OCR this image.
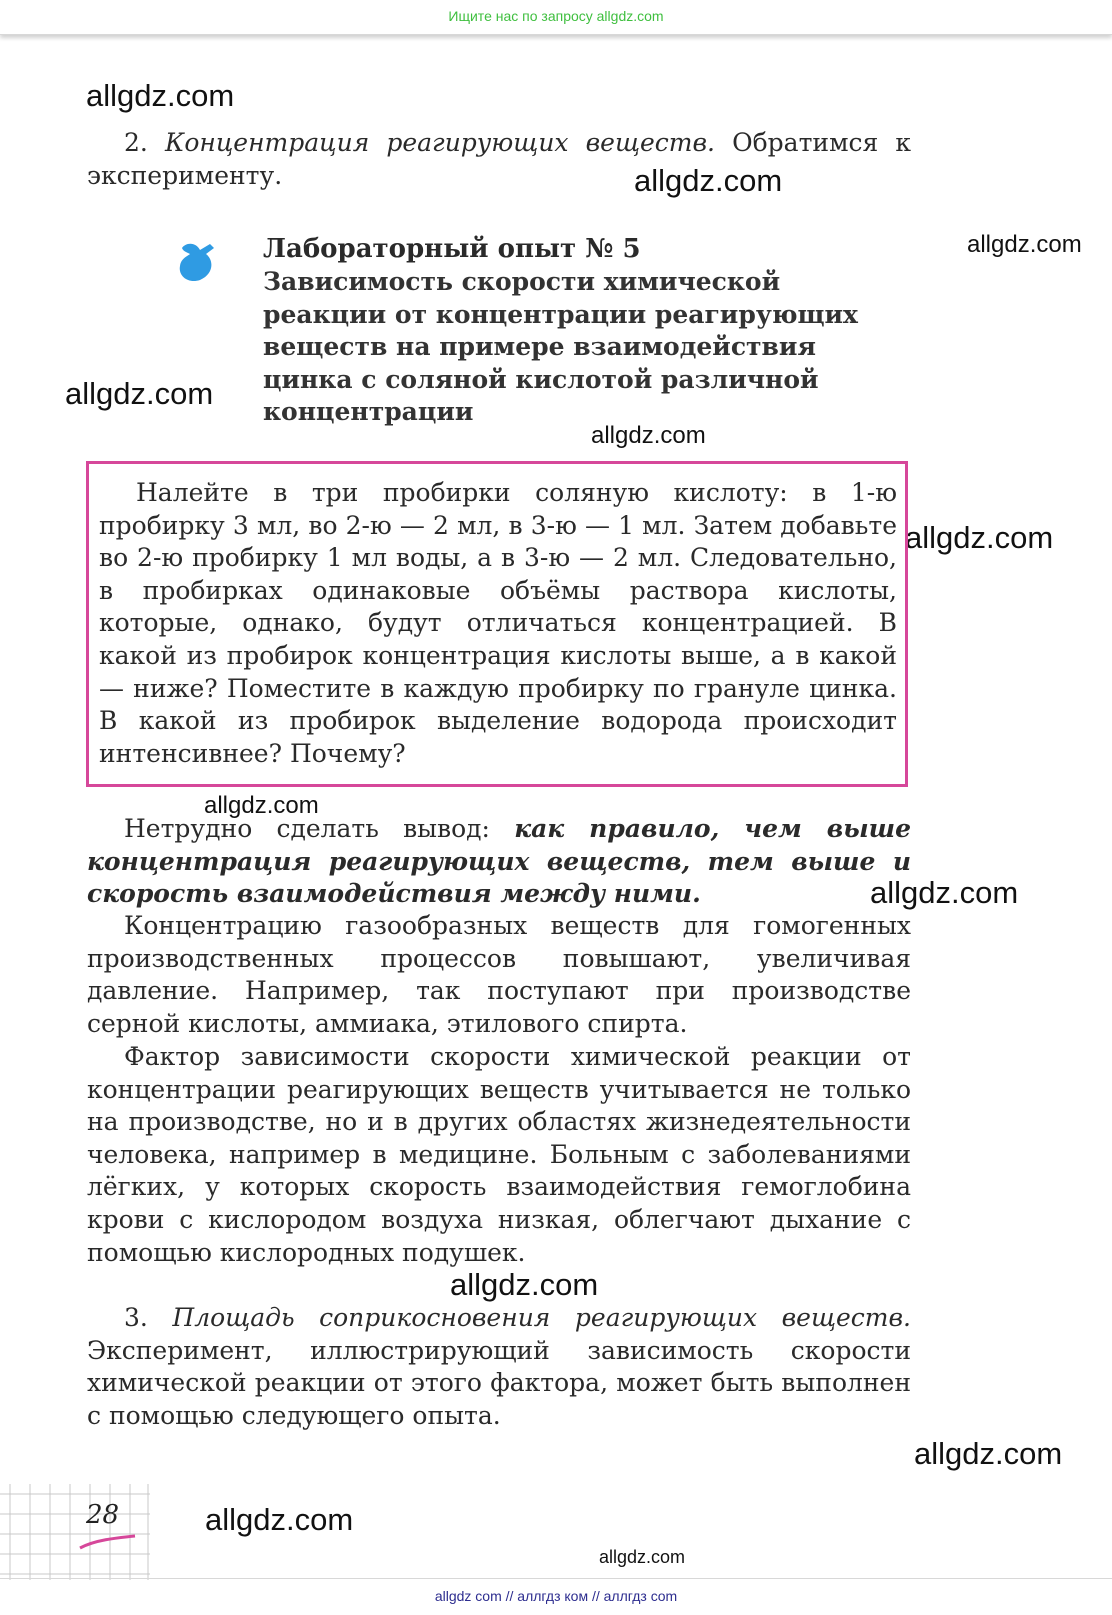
Ищите нас по запросу allgdz.com
allgdz.com
allgdz.com
allgdz.com
allgdz.com
allgdz.com
allgdz.com
allgdz.com
allgdz.com
allgdz.com
allgdz.com
allgdz.com
allgdz.com

2. Концентрация реагирующих веществ. Обратимся к эксперименту.

Лабораторный опыт № 5
Зависимость скорости химической реакции от концентрации реагирующих веществ на примере взаимодействия цинка с соляной кислотой различной концентрации

Налейте в три пробирки соляную кислоту: в 1-ю пробирку 3 мл, во 2-ю — 2 мл, в 3-ю — 1 мл. Затем добавьте во 2-ю пробирку 1 мл воды, а в 3-ю — 2 мл. Следовательно, в пробирках одинаковые объёмы раствора кислоты, которые, однако, будут отличаться концентрацией. В какой из пробирок концентрация кислоты выше, а в какой — ниже? Поместите в каждую пробирку по грануле цинка. В какой из пробирок выделение водорода происходит интенсивнее? Почему?

Нетрудно сделать вывод: как правило, чем выше концентрация реагирующих веществ, тем выше и скорость взаимодействия между ними.

Концентрацию газообразных веществ для гомогенных производственных процессов повышают, увеличивая давление. Например, так поступают при производстве серной кислоты, аммиака, этилового спирта.

Фактор зависимости скорости химической реакции от концентрации реагирующих веществ учитывается не только на производстве, но и в других областях жизнедеятельности человека, например в медицине. Больным с заболеваниями лёгких, у которых скорость взаимодействия гемоглобина крови с кислородом воздуха низкая, облегчают дыхание с помощью кислородных подушек.

3. Площадь соприкосновения реагирующих веществ. Эксперимент, иллюстрирующий зависимость скорости химической реакции от этого фактора, может быть выполнен с помощью следующего опыта.

28
allgdz com // аллгдз ком // аллгдз com
